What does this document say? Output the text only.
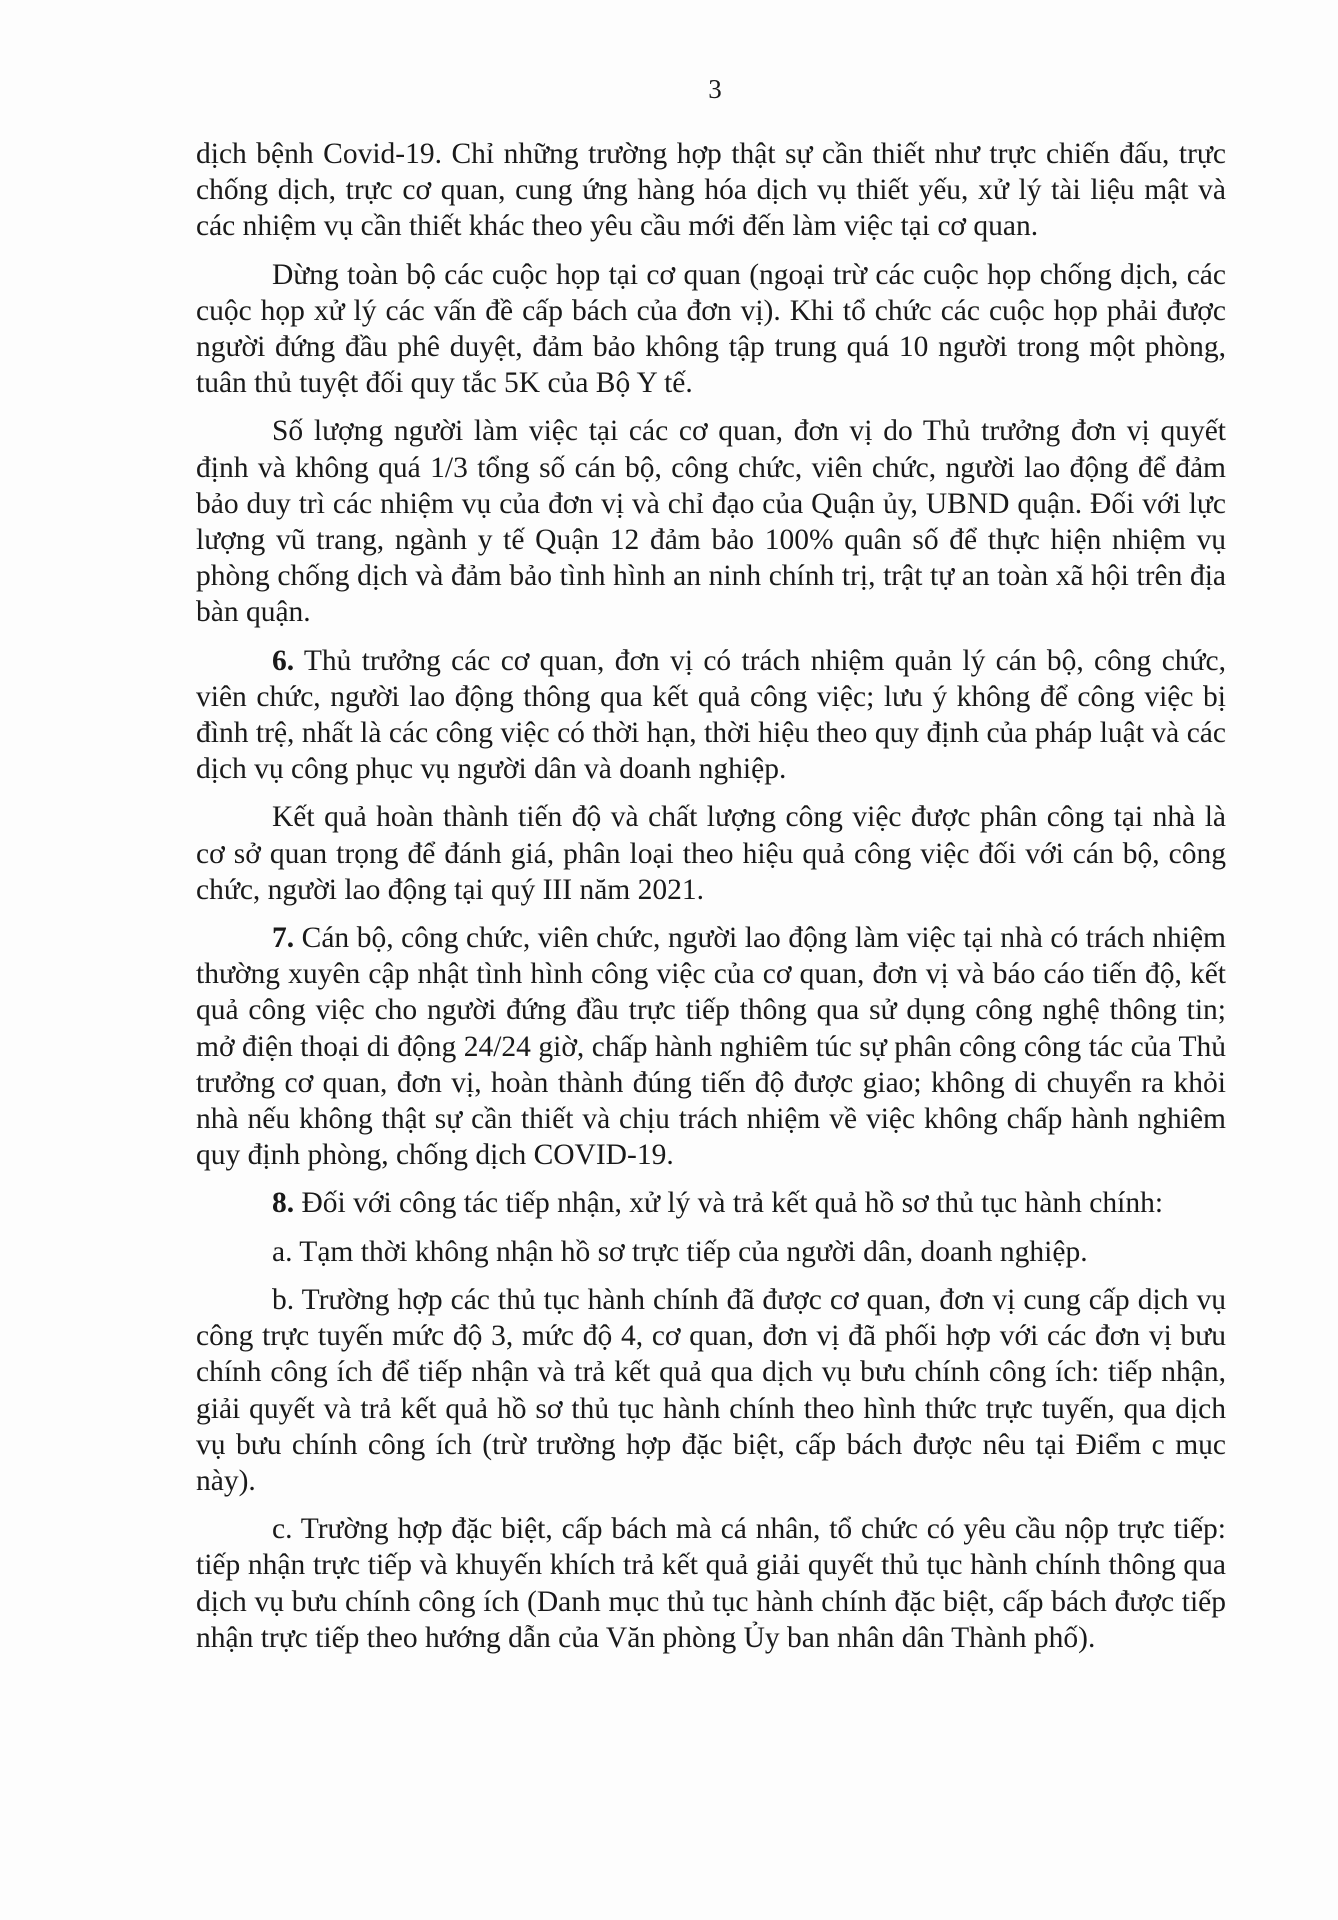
3

dịch bệnh Covid-19. Chỉ những trường hợp thật sự cần thiết như trực chiến đấu, trực chống dịch, trực cơ quan, cung ứng hàng hóa dịch vụ thiết yếu, xử lý tài liệu mật và các nhiệm vụ cần thiết khác theo yêu cầu mới đến làm việc tại cơ quan.

Dừng toàn bộ các cuộc họp tại cơ quan (ngoại trừ các cuộc họp chống dịch, các cuộc họp xử lý các vấn đề cấp bách của đơn vị). Khi tổ chức các cuộc họp phải được người đứng đầu phê duyệt, đảm bảo không tập trung quá 10 người trong một phòng, tuân thủ tuyệt đối quy tắc 5K của Bộ Y tế.

Số lượng người làm việc tại các cơ quan, đơn vị do Thủ trưởng đơn vị quyết định và không quá 1/3 tổng số cán bộ, công chức, viên chức, người lao động để đảm bảo duy trì các nhiệm vụ của đơn vị và chỉ đạo của Quận ủy, UBND quận. Đối với lực lượng vũ trang, ngành y tế Quận 12 đảm bảo 100% quân số để thực hiện nhiệm vụ phòng chống dịch và đảm bảo tình hình an ninh chính trị, trật tự an toàn xã hội trên địa bàn quận.

6. Thủ trưởng các cơ quan, đơn vị có trách nhiệm quản lý cán bộ, công chức, viên chức, người lao động thông qua kết quả công việc; lưu ý không để công việc bị đình trệ, nhất là các công việc có thời hạn, thời hiệu theo quy định của pháp luật và các dịch vụ công phục vụ người dân và doanh nghiệp.

Kết quả hoàn thành tiến độ và chất lượng công việc được phân công tại nhà là cơ sở quan trọng để đánh giá, phân loại theo hiệu quả công việc đối với cán bộ, công chức, người lao động tại quý III năm 2021.

7. Cán bộ, công chức, viên chức, người lao động làm việc tại nhà có trách nhiệm thường xuyên cập nhật tình hình công việc của cơ quan, đơn vị và báo cáo tiến độ, kết quả công việc cho người đứng đầu trực tiếp thông qua sử dụng công nghệ thông tin; mở điện thoại di động 24/24 giờ, chấp hành nghiêm túc sự phân công công tác của Thủ trưởng cơ quan, đơn vị, hoàn thành đúng tiến độ được giao; không di chuyển ra khỏi nhà nếu không thật sự cần thiết và chịu trách nhiệm về việc không chấp hành nghiêm quy định phòng, chống dịch COVID-19.

8. Đối với công tác tiếp nhận, xử lý và trả kết quả hồ sơ thủ tục hành chính:

a. Tạm thời không nhận hồ sơ trực tiếp của người dân, doanh nghiệp.

b. Trường hợp các thủ tục hành chính đã được cơ quan, đơn vị cung cấp dịch vụ công trực tuyến mức độ 3, mức độ 4, cơ quan, đơn vị đã phối hợp với các đơn vị bưu chính công ích để tiếp nhận và trả kết quả qua dịch vụ bưu chính công ích: tiếp nhận, giải quyết và trả kết quả hồ sơ thủ tục hành chính theo hình thức trực tuyến, qua dịch vụ bưu chính công ích (trừ trường hợp đặc biệt, cấp bách được nêu tại Điểm c mục này).

c. Trường hợp đặc biệt, cấp bách mà cá nhân, tổ chức có yêu cầu nộp trực tiếp: tiếp nhận trực tiếp và khuyến khích trả kết quả giải quyết thủ tục hành chính thông qua dịch vụ bưu chính công ích (Danh mục thủ tục hành chính đặc biệt, cấp bách được tiếp nhận trực tiếp theo hướng dẫn của Văn phòng Ủy ban nhân dân Thành phố).
